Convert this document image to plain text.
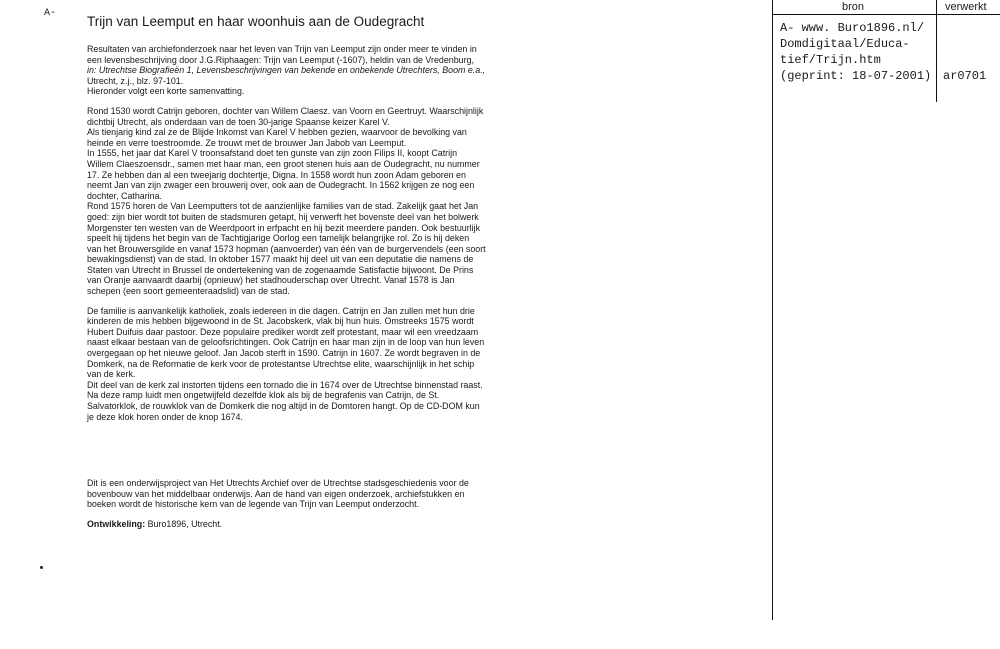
A-
Trijn van Leemput en haar woonhuis aan de Oudegracht
Resultaten van archiefonderzoek naar het leven van Trijn van Leemput zijn onder meer te vinden in
een levensbeschrijving door J.G.Riphaagen: Trijn van Leemput (-1607), heldin van de Vredenburg,
in: Utrechtse Biografieën 1, Levensbeschrijvingen van bekende en onbekende Utrechters, Boom e.a.,
Utrecht, z.j., blz. 97-101.
Hieronder volgt een korte samenvatting.
Rond 1530 wordt Catrijn geboren, dochter van Willem Claesz. van Voorn en Geertruyt. Waarschijnlijk
dichtbij Utrecht, als onderdaan van de toen 30-jarige Spaanse keizer Karel V.
Als tienjarig kind zal ze de Blijde Inkomst van Karel V hebben gezien, waarvoor de bevolking van
heinde en verre toestroomde. Ze trouwt met de brouwer Jan Jabob van Leemput.
In 1555, het jaar dat Karel V troonsafstand doet ten gunste van zijn zoon Filips II, koopt Catrijn
Willem Claeszoensdr., samen met haar man, een groot stenen huis aan de Oudegracht, nu nummer
17. Ze hebben dan al een tweejarig dochtertje, Digna. In 1558 wordt hun zoon Adam geboren en
neemt Jan van zijn zwager een brouwerij over, ook aan de Oudegracht. In 1562 krijgen ze nog een
dochter, Catharina.
Rond 1575 horen de Van Leemputters tot de aanzienlijke families van de stad. Zakelijk gaat het Jan
goed: zijn bier wordt tot buiten de stadsmuren getapt, hij verwerft het bovenste deel van het bolwerk
Morgenster ten westen van de Weerdpoort in erfpacht en hij bezit meerdere panden. Ook bestuurlijk
speelt hij tijdens het begin van de Tachtigjarige Oorlog een tamelijk belangrijke rol. Zo is hij deken
van het Brouwersgilde en vanaf 1573 hopman (aanvoerder) van één van de burgervendels (een soort
bewakingsdienst) van de stad. In oktober 1577 maakt hij deel uit van een deputatie die namens de
Staten van Utrecht in Brussel de ondertekening van de zogenaamde Satisfactie bijwoont. De Prins
van Oranje aanvaardt daarbij (opnieuw) het stadhouderschap over Utrecht. Vanaf 1578 is Jan
schepen (een soort gemeenteraadslid) van de stad.
De familie is aanvankelijk katholiek, zoals iedereen in die dagen. Catrijn en Jan zullen met hun drie
kinderen de mis hebben bijgewoond in de St. Jacobskerk, vlak bij hun huis. Omstreeks 1575 wordt
Hubert Duifuis daar pastoor. Deze populaire prediker wordt zelf protestant, maar wil een vreedzaam
naast elkaar bestaan van de geloofsrichtingen. Ook Catrijn en haar man zijn in de loop van hun leven
overgegaan op het nieuwe geloof. Jan Jacob sterft in 1590. Catrijn in 1607. Ze wordt begraven in de
Domkerk, na de Reformatie de kerk voor de protestantse Utrechtse elite, waarschijnlijk in het schip
van de kerk.
Dit deel van de kerk zal instorten tijdens een tornado die in 1674 over de Utrechtse binnenstad raast.
Na deze ramp luidt men ongetwijfeld dezelfde klok als bij de begrafenis van Catrijn, de St.
Salvatorklok, de rouwklok van de Domkerk die nog altijd in de Domtoren hangt. Op de CD-DOM kun
je deze klok horen onder de knop 1674.
Dit is een onderwijsproject van Het Utrechts Archief over de Utrechtse stadsgeschiedenis voor de
bovenbouw van het middelbaar onderwijs. Aan de hand van eigen onderzoek, archiefstukken en
boeken wordt de historische kern van de legende van Trijn van Leemput onderzocht.
Ontwikkeling: Buro1896, Utrecht.
bron	verwerkt
A- www. Buro1896.nl/
Domdigitaal/Educa-
tief/Trijn.htm
(geprint: 18-07-2001) ar0701
